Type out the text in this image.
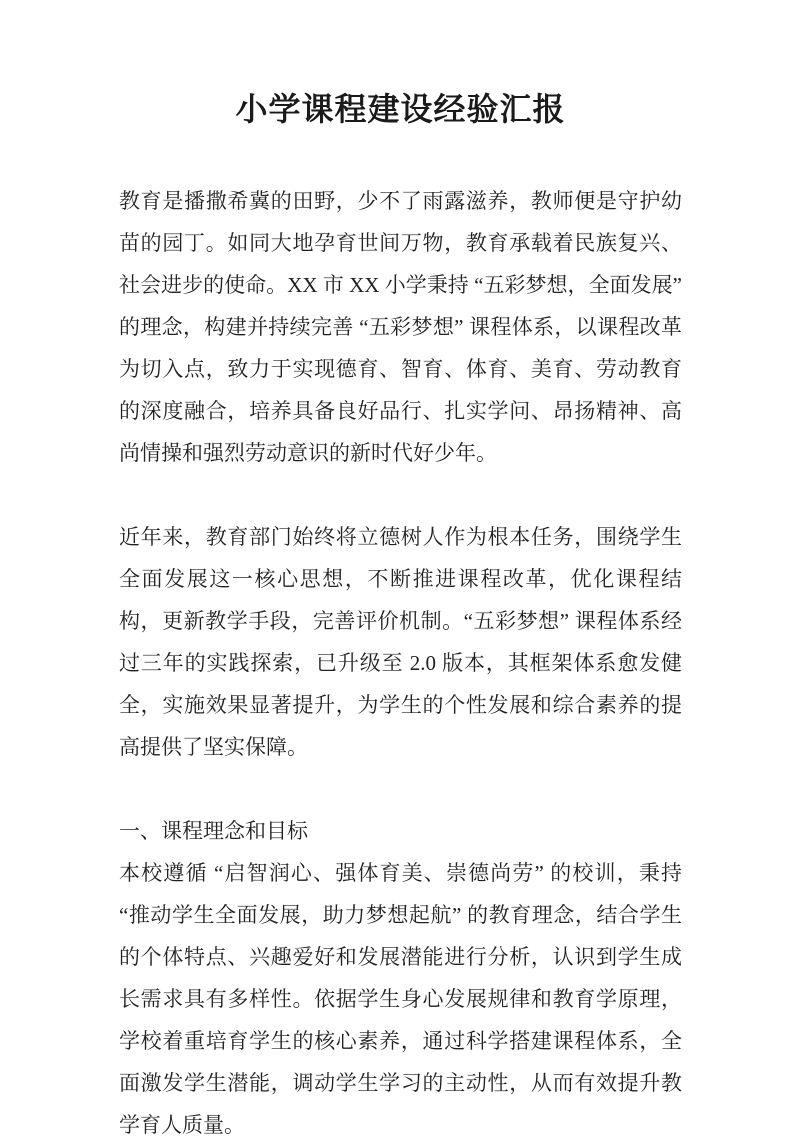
小学课程建设经验汇报

教育是播撒希冀的田野，少不了雨露滋养，教师便是守护幼苗的园丁。如同大地孕育世间万物，教育承载着民族复兴、社会进步的使命。XX 市 XX 小学秉持 “五彩梦想，全面发展” 的理念，构建并持续完善 “五彩梦想” 课程体系，以课程改革为切入点，致力于实现德育、智育、体育、美育、劳动教育的深度融合，培养具备良好品行、扎实学问、昂扬精神、高尚情操和强烈劳动意识的新时代好少年。

近年来，教育部门始终将立德树人作为根本任务，围绕学生全面发展这一核心思想，不断推进课程改革，优化课程结构，更新教学手段，完善评价机制。“五彩梦想” 课程体系经过三年的实践探索，已升级至 2.0 版本，其框架体系愈发健全，实施效果显著提升，为学生的个性发展和综合素养的提高提供了坚实保障。

一、课程理念和目标

本校遵循 “启智润心、强体育美、崇德尚劳” 的校训，秉持 “推动学生全面发展，助力梦想起航” 的教育理念，结合学生的个体特点、兴趣爱好和发展潜能进行分析，认识到学生成长需求具有多样性。依据学生身心发展规律和教育学原理，学校着重培育学生的核心素养，通过科学搭建课程体系，全面激发学生潜能，调动学生学习的主动性，从而有效提升教学育人质量。
